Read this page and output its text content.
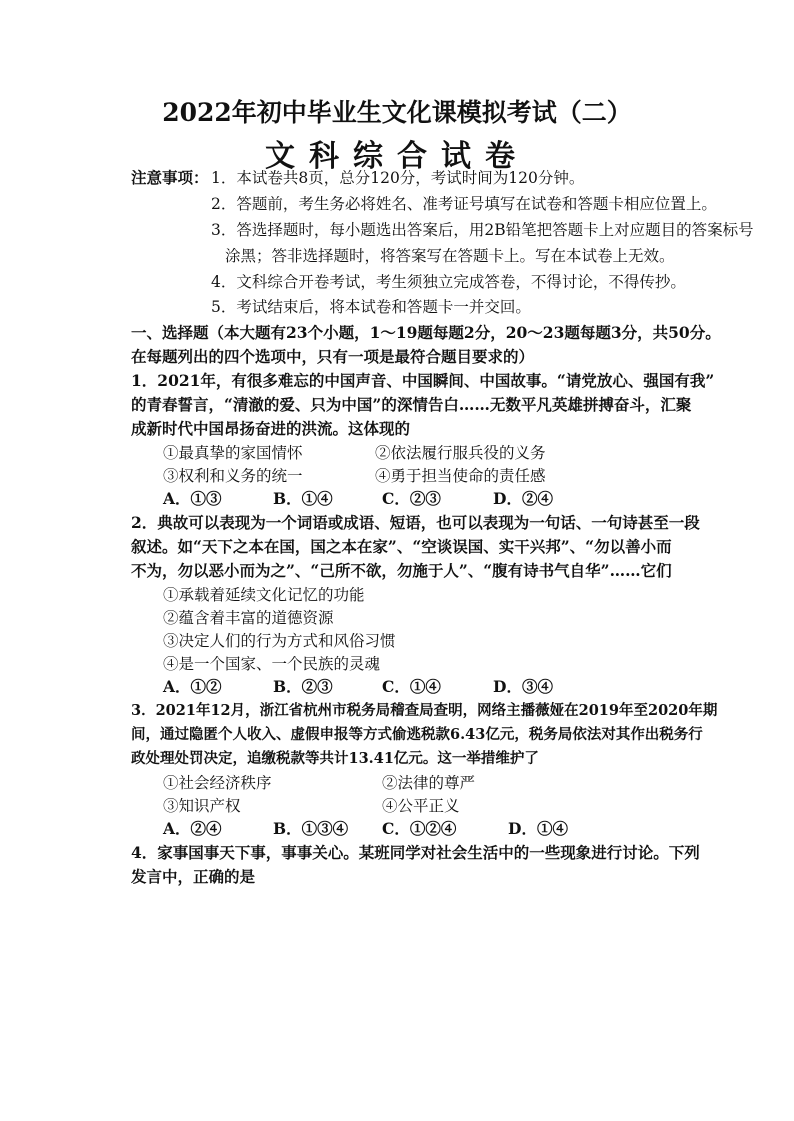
2022年初中毕业生文化课模拟考试（二）
文科综合试卷
注意事项： 1．本试卷共8页，总分120分，考试时间为120分钟。
2．答题前，考生务必将姓名、准考证号填写在试卷和答题卡相应位置上。
3．答选择题时，每小题选出答案后，用2B铅笔把答题卡上对应题目的答案标号
涂黑；答非选择题时，将答案写在答题卡上。写在本试卷上无效。
4．文科综合开卷考试，考生须独立完成答卷，不得讨论，不得传抄。
5．考试结束后，将本试卷和答题卡一并交回。
一、选择题（本大题有23个小题，1～19题每题2分，20～23题每题3分，共50分。
在每题列出的四个选项中，只有一项是最符合题目要求的）
1．2021年，有很多难忘的中国声音、中国瞬间、中国故事。“请党放心、强国有我”
的青春誓言，“清澈的爱、只为中国”的深情告白……无数平凡英雄拼搏奋斗，汇聚
成新时代中国昂扬奋进的洪流。这体现的
①最真挚的家国情怀	②依法履行服兵役的义务
③权利和义务的统一	④勇于担当使命的责任感
A．①③	B．①④	C．②③	D．②④
2．典故可以表现为一个词语或成语、短语，也可以表现为一句话、一句诗甚至一段
叙述。如“天下之本在国，国之本在家”、“空谈误国、实干兴邦”、“勿以善小而
不为，勿以恶小而为之”、“己所不欲，勿施于人”、“腹有诗书气自华”……它们
①承载着延续文化记忆的功能
②蕴含着丰富的道德资源
③决定人们的行为方式和风俗习惯
④是一个国家、一个民族的灵魂
A．①②	B．②③	C．①④	D．③④
3．2021年12月，浙江省杭州市税务局稽查局查明，网络主播薇娅在2019年至2020年期
间，通过隐匿个人收入、虚假申报等方式偷逃税款6.43亿元，税务局依法对其作出税务行
政处理处罚决定，追缴税款等共计13.41亿元。这一举措维护了
①社会经济秩序	②法律的尊严
③知识产权	④公平正义
A．②④	B．①③④ C．①②④	D．①④
4．家事国事天下事，事事关心。某班同学对社会生活中的一些现象进行讨论。下列
发言中，正确的是
